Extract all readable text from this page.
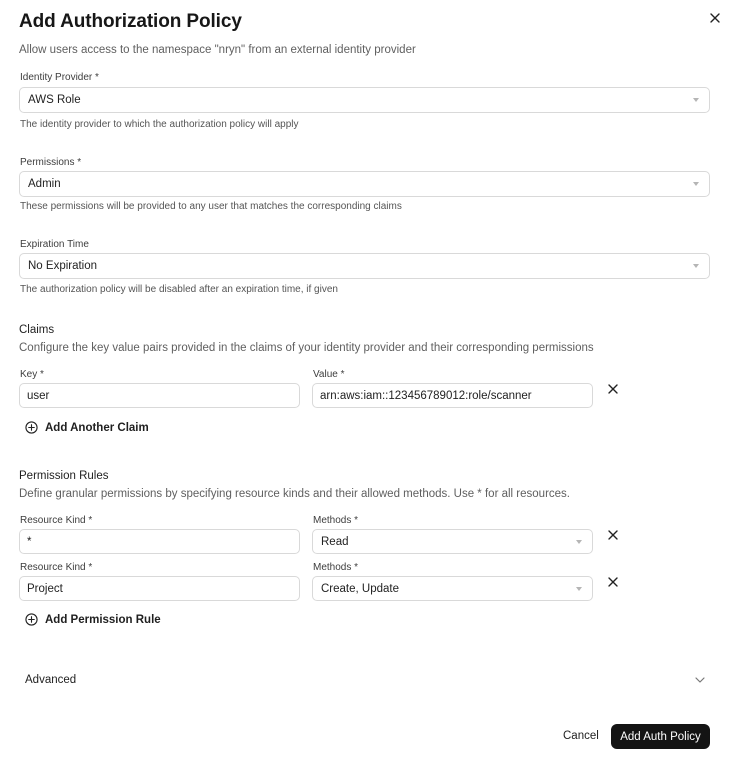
Add Authorization Policy
Allow users access to the namespace "nryn" from an external identity provider
Identity Provider *
AWS Role
The identity provider to which the authorization policy will apply
Permissions *
Admin
These permissions will be provided to any user that matches the corresponding claims
Expiration Time
No Expiration
The authorization policy will be disabled after an expiration time, if given
Claims
Configure the key value pairs provided in the claims of your identity provider and their corresponding permissions
Key *	Value *
user	arn:aws:iam::123456789012:role/scanner
Add Another Claim
Permission Rules
Define granular permissions by specifying resource kinds and their allowed methods. Use * for all resources.
Resource Kind *	Methods *
*	Read
Resource Kind *	Methods *
Project	Create, Update
Add Permission Rule
Advanced
Cancel	Add Auth Policy
